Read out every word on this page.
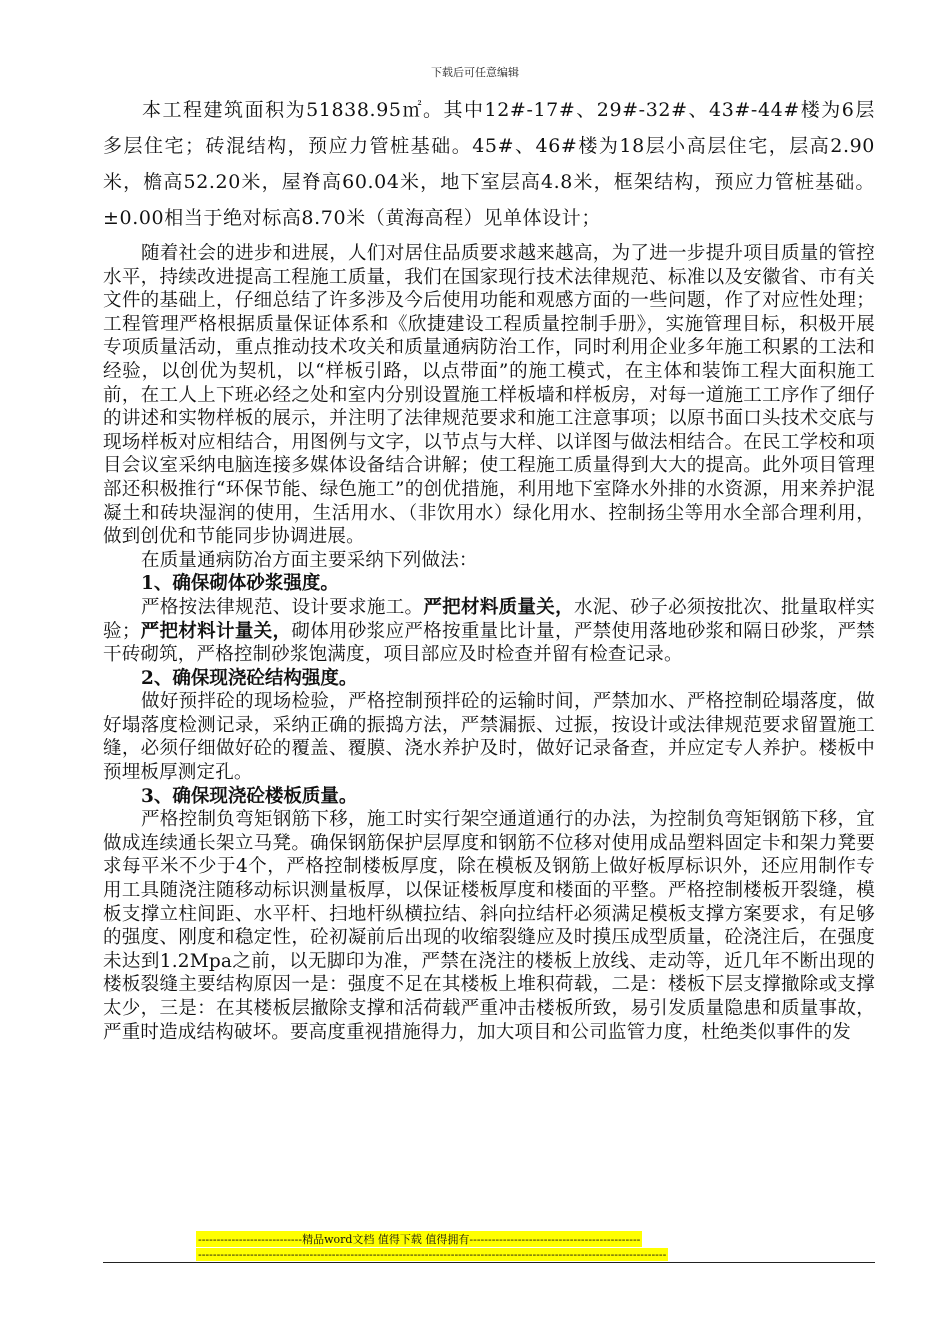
下载后可任意编辑

本工程建筑面积为51838.95㎡。其中12#-17#、29#-32#、43#-44#楼为6层多层住宅；砖混结构，预应力管桩基础。45#、46#楼为18层小高层住宅，层高2.90米，檐高52.20米，屋脊高60.04米，地下室层高4.8米，框架结构，预应力管桩基础。±0.00相当于绝对标高8.70米（黄海高程）见单体设计；

随着社会的进步和进展，人们对居住品质要求越来越高，为了进一步提升项目质量的管控水平，持续改进提高工程施工质量，我们在国家现行技术法律规范、标准以及安徽省、市有关文件的基础上，仔细总结了许多涉及今后使用功能和观感方面的一些问题，作了对应性处理；工程管理严格根据质量保证体系和《欣捷建设工程质量控制手册》，实施管理目标，积极开展专项质量活动，重点推动技术攻关和质量通病防治工作，同时利用企业多年施工积累的工法和经验，以创优为契机，以“样板引路，以点带面”的施工模式，在主体和装饰工程大面积施工前，在工人上下班必经之处和室内分别设置施工样板墙和样板房，对每一道施工工序作了细仔的讲述和实物样板的展示，并注明了法律规范要求和施工注意事项；以原书面口头技术交底与现场样板对应相结合，用图例与文字，以节点与大样、以详图与做法相结合。在民工学校和项目会议室采纳电脑连接多媒体设备结合讲解；使工程施工质量得到大大的提高。此外项目管理部还积极推行“环保节能、绿色施工”的创优措施，利用地下室降水外排的水资源，用来养护混凝土和砖块湿润的使用，生活用水、（非饮用水）绿化用水、控制扬尘等用水全部合理利用，做到创优和节能同步协调进展。

在质量通病防冶方面主要采纳下列做法：

1、确保砌体砂浆强度。

严格按法律规范、设计要求施工。严把材料质量关，水泥、砂子必须按批次、批量取样实验；严把材料计量关，砌体用砂浆应严格按重量比计量，严禁使用落地砂浆和隔日砂浆，严禁干砖砌筑，严格控制砂浆饱满度，项目部应及时检查并留有检查记录。

2、确保现浇砼结构强度。

做好预拌砼的现场检验，严格控制预拌砼的运输时间，严禁加水、严格控制砼塌落度，做好塌落度检测记录，采纳正确的振捣方法，严禁漏振、过振，按设计或法律规范要求留置施工缝，必须仔细做好砼的覆盖、覆膜、浇水养护及时，做好记录备查，并应定专人养护。楼板中预埋板厚测定孔。

3、确保现浇砼楼板质量。

严格控制负弯矩钢筋下移，施工时实行架空通道通行的办法，为控制负弯矩钢筋下移，宜做成连续通长架立马凳。确保钢筋保护层厚度和钢筋不位移对使用成品塑料固定卡和架力凳要求每平米不少于4个，严格控制楼板厚度，除在模板及钢筋上做好板厚标识外，还应用制作专用工具随浇注随移动标识测量板厚，以保证楼板厚度和楼面的平整。严格控制楼板开裂缝，模板支撑立柱间距、水平杆、扫地杆纵横拉结、斜向拉结杆必须满足模板支撑方案要求，有足够的强度、刚度和稳定性，砼初凝前后出现的收缩裂缝应及时摸压成型质量，砼浇注后，在强度未达到1.2Mpa之前，以无脚印为准，严禁在浇注的楼板上放线、走动等，近几年不断出现的楼板裂缝主要结构原因一是：强度不足在其楼板上堆积荷载，二是：楼板下层支撑撤除或支撑太少，三是：在其楼板层撤除支撑和活荷载严重冲击楼板所致，易引发质量隐患和质量事故，严重时造成结构破坏。要高度重视措施得力，加大项目和公司监管力度，杜绝类似事件的发

----------------------------精品word文档 值得下载 值得拥有----------------------------------------------
------------------------------------------------------------------------------------------------------------------------------
